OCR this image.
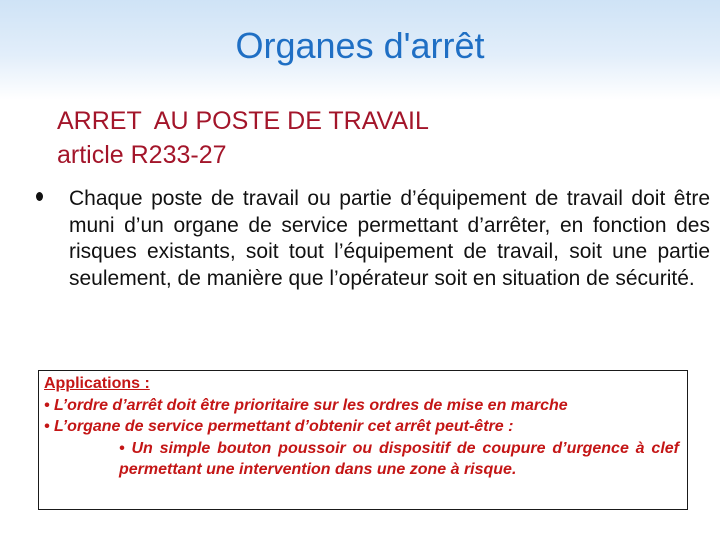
Organes d'arrêt
ARRET  AU POSTE DE TRAVAIL
article R233-27
Chaque poste de travail ou partie d’équipement de travail doit être muni d’un organe de service permettant d’arrêter, en fonction des risques existants, soit tout l’équipement de travail, soit une partie seulement, de manière que l’opérateur soit en situation de sécurité.
Applications :
• L’ordre d’arrêt doit être prioritaire sur les ordres de mise en marche
• L’organe de service permettant d’obtenir cet arrêt peut-être :
• Un simple bouton poussoir ou dispositif de coupure d’urgence à clef permettant une intervention dans une zone à risque.
